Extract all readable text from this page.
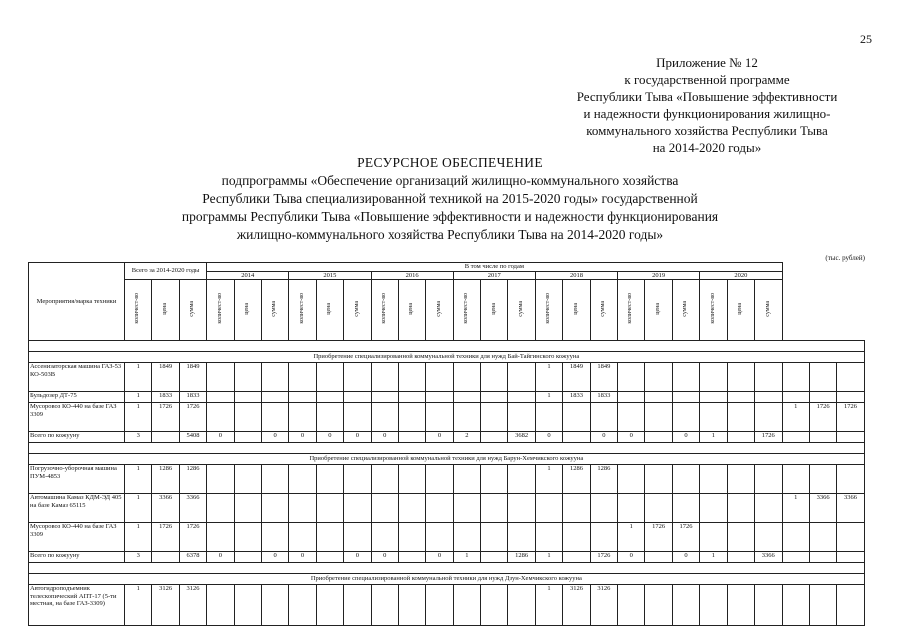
25
Приложение № 12
к государственной программе
Республики Тыва «Повышение эффективности
и надежности функционирования жилищно-
коммунального хозяйства Республики Тыва
на 2014-2020 годы»
РЕСУРСНОЕ ОБЕСПЕЧЕНИЕ
подпрограммы «Обеспечение организаций жилищно-коммунального хозяйства
Республики Тыва специализированной техникой на 2015-2020 годы» государственной
программы Республики Тыва «Повышение эффективности и надежности функционирования
жилищно-коммунального хозяйства Республики Тыва на 2014-2020 годы»
(тыс. рублей)
Мероприятия/марка техники	Всего за 2014-2020 годы			В том числе по годам																							
				2014			2015			2016			2017			2018			2019			2020					
	количест-во	цена	сумма	количест-во	цена	сумма	количест-во	цена	сумма	количест-во	цена	сумма	количест-во	цена	сумма	количест-во	цена	сумма	количест-во	цена	сумма	количест-во	цена	сумма			

Приобретение специализированной коммунальной техники для нужд Бай-Тайгинского кожууна																											
Ассенизаторская машина ГАЗ-53 КО-503В	1	1849	1849													1	1849	1849									
Бульдозер ДТ-75	1	1833	1833													1	1833	1833									
Мусоровоз КО-440 на базе ГАЗ 3309	1	1726	1726																						1	1726	1726
Всего по кожууну	3		5408	0		0	0	0	0	0		0	2		3682	0		0	0		0	1		1726			

Приобретение специализированной коммунальной техники для нужд Барун-Хемчикского кожууна																											
Погрузочно-уборочная машина ПУМ-4853	1	1286	1286													1	1286	1286									
Автомашина Камаз КДМ-ЭД 405 на базе Камаз 65115	1	3366	3366																						1	3366	3366
Мусоровоз КО-440 на базе ГАЗ 3309	1	1726	1726																1	1726	1726						
Всего по кожууну	3		6378	0		0	0		0	0		0	1		1286	1		1726	0		0	1		3366			

Приобретение специализированной коммунальной техники для нужд Дзун-Хемчикского кожууна																											
Автогидроподъемник телескопический АПТ-17 (5-ти местная, на базе ГАЗ-3309)	1	3126	3126													1	3126	3126									
